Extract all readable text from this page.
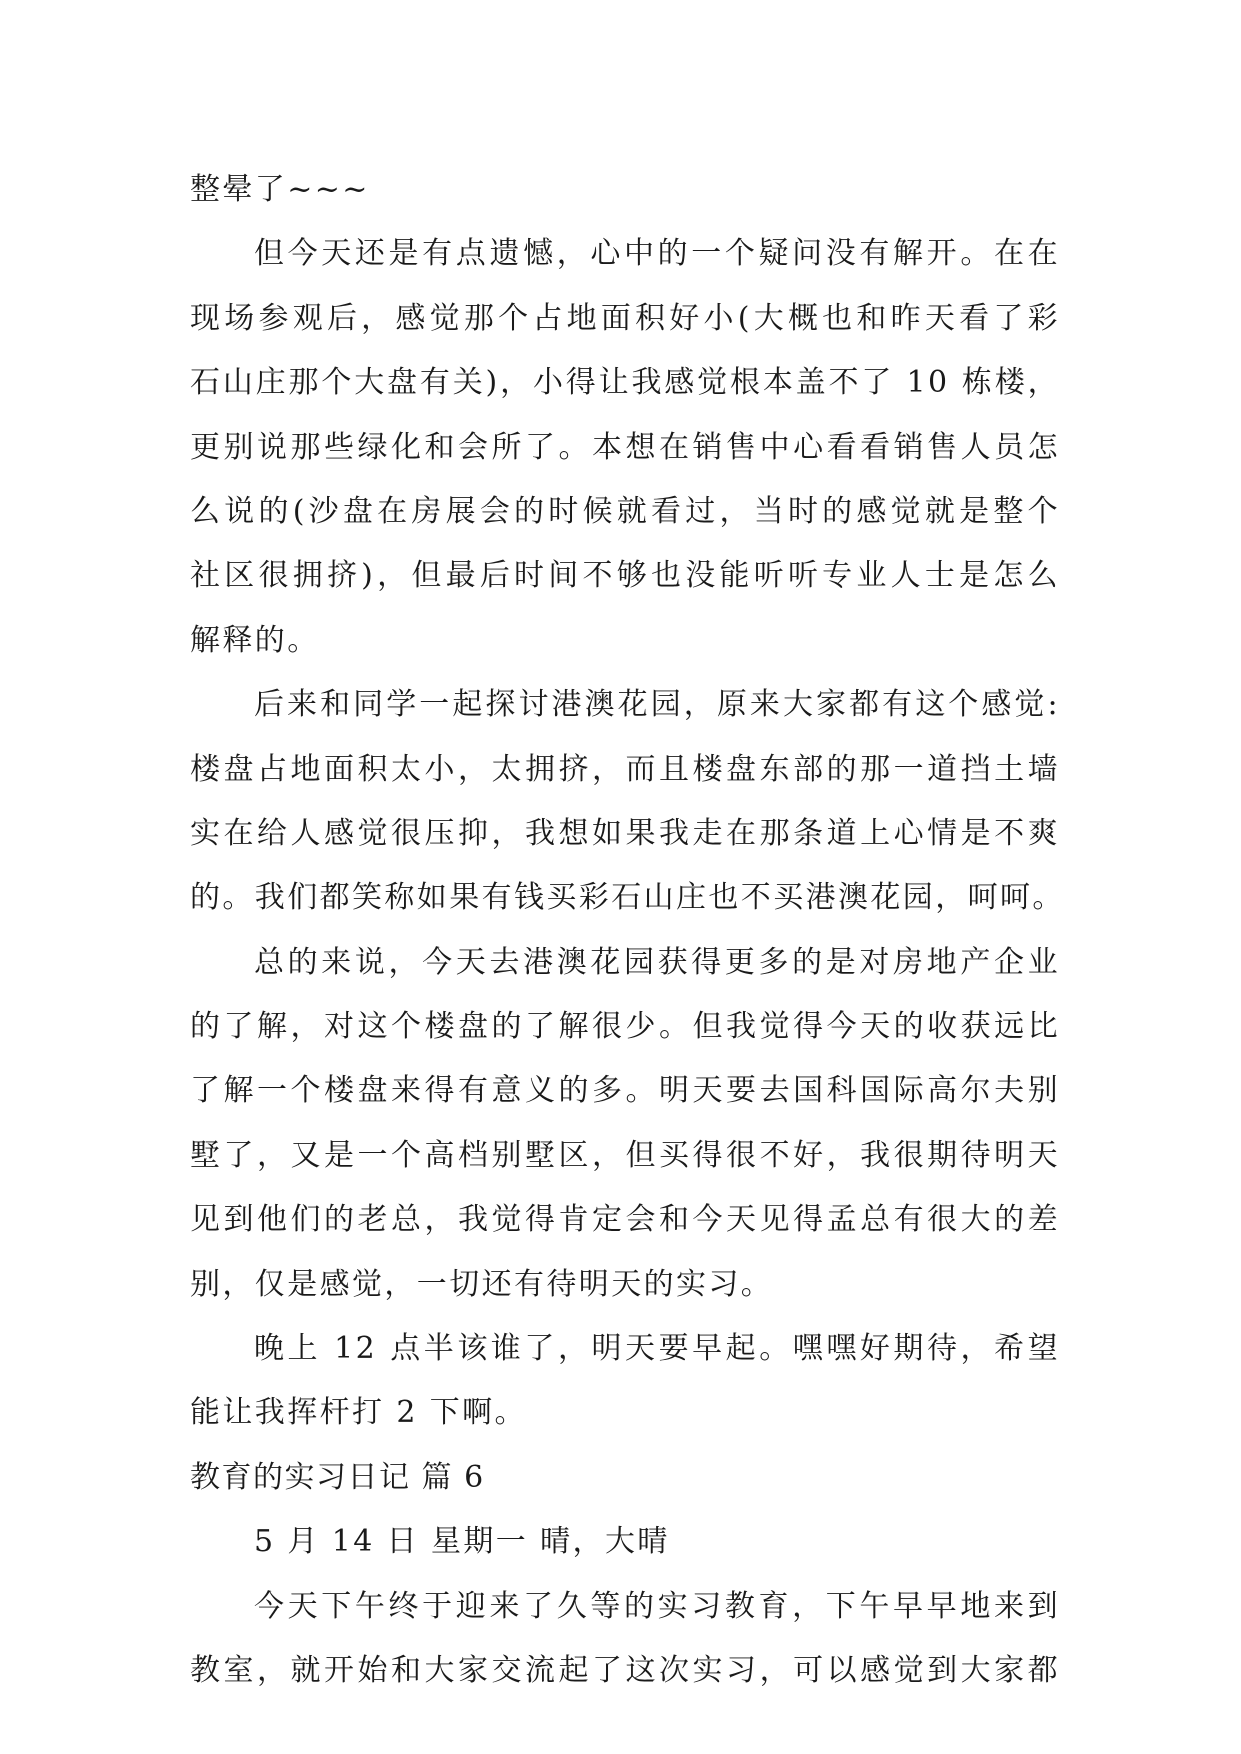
整晕了~~~
但今天还是有点遗憾，心中的一个疑问没有解开。在在
现场参观后，感觉那个占地面积好小(大概也和昨天看了彩
石山庄那个大盘有关)，小得让我感觉根本盖不了 10 栋楼，
更别说那些绿化和会所了。本想在销售中心看看销售人员怎
么说的(沙盘在房展会的时候就看过，当时的感觉就是整个
社区很拥挤)，但最后时间不够也没能听听专业人士是怎么
解释的。
后来和同学一起探讨港澳花园，原来大家都有这个感觉:
楼盘占地面积太小，太拥挤，而且楼盘东部的那一道挡土墙
实在给人感觉很压抑，我想如果我走在那条道上心情是不爽
的。我们都笑称如果有钱买彩石山庄也不买港澳花园，呵呵。
总的来说，今天去港澳花园获得更多的是对房地产企业
的了解，对这个楼盘的了解很少。但我觉得今天的收获远比
了解一个楼盘来得有意义的多。明天要去国科国际高尔夫别
墅了，又是一个高档别墅区，但买得很不好，我很期待明天
见到他们的老总，我觉得肯定会和今天见得孟总有很大的差
别，仅是感觉，一切还有待明天的实习。
晚上 12 点半该谁了，明天要早起。嘿嘿好期待，希望
能让我挥杆打 2 下啊。
教育的实习日记 篇 6
5 月 14 日 星期一 晴，大晴
今天下午终于迎来了久等的实习教育，下午早早地来到
教室，就开始和大家交流起了这次实习，可以感觉到大家都
